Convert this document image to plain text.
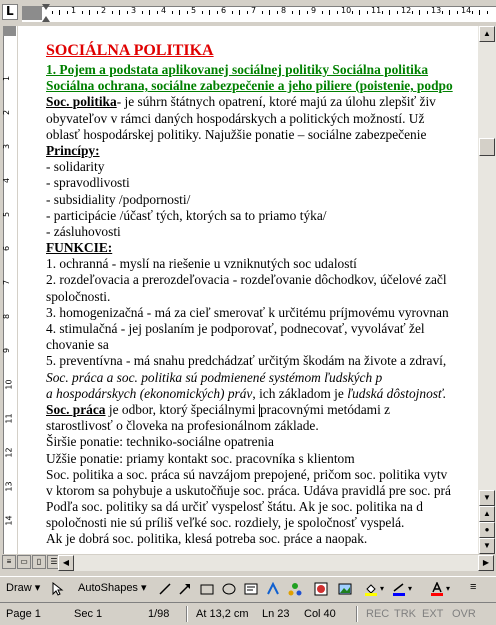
L	1	2	3	4	5	6	7	8	9	10 11 12 13 14
1
2
3
4
5
6
7
8
9
10
11
12
13
14
SOCIÁLNA POLITIKA
1. Pojem a podstata aplikovanej sociálnej politiky Sociálna politika
Sociálna ochrana, sociálne zabezpečenie a jeho piliere (poistenie, podpo
Soc. politika- je súhrn štátnych opatrení, ktoré majú za úlohu zlepšiť živ
obyvateľov v rámci daných hospodárskych a politických možností. Už
oblasť hospodárskej politiky. Najužšie ponatie – sociálne zabezpečenie
Princípy:
- solidarity
- spravodlivosti
- subsidiality /podpornosti/
- participácie /účasť tých, ktorých sa to priamo týka/
- zásluhovosti
FUNKCIE:
1. ochranná - myslí na riešenie u vzniknutých soc udalostí
2. rozdeľovacia a prerozdeľovacia - rozdeľovanie dôchodkov, účelové začl
spoločnosti.
3. homogenizačná - má za cieľ smerovať k určitému príjmovému vyrovnan
4. stimulačná - jej poslaním je podporovať, podnecovať, vyvolávať žel
chovanie sa
5. preventívna - má snahu predchádzať určitým škodám na živote a zdraví,
Soc. práca a soc. politika sú podmienené systémom ľudských p
a hospodárskych (ekonomických) práv, ich základom je ľudská dôstojnosť.
Soc. práca je odbor, ktorý špeciálnymi pracovnými metódami z
starostlivosť o človeka na profesionálnom základe.
Širšie ponatie: techniko-sociálne opatrenia
Užšie ponatie: priamy kontakt soc. pracovníka s klientom
Soc. politika a soc. práca sú navzájom prepojené, pričom soc. politika vytv
v ktorom sa pohybuje a uskutočňuje soc. práca. Udáva pravidlá pre soc. prá
Podľa soc. politiky sa dá určiť vyspelosť štátu. Ak je soc. politika na d
spoločnosti nie sú príliš veľké soc. rozdiely, je spoločnosť vyspelá.
Ak je dobrá soc. politika, klesá potreba soc. práce a naopak.
▲
▼
▲
●
▼
≡	▭	▯	☰ ◀	▶
Draw ▾	AutoShapes ▾	▾	▾	▾ ≡
Page 1	Sec 1	1/98 At 13,2 cm Ln 23 Col 40	REC TRK EXT OVR
